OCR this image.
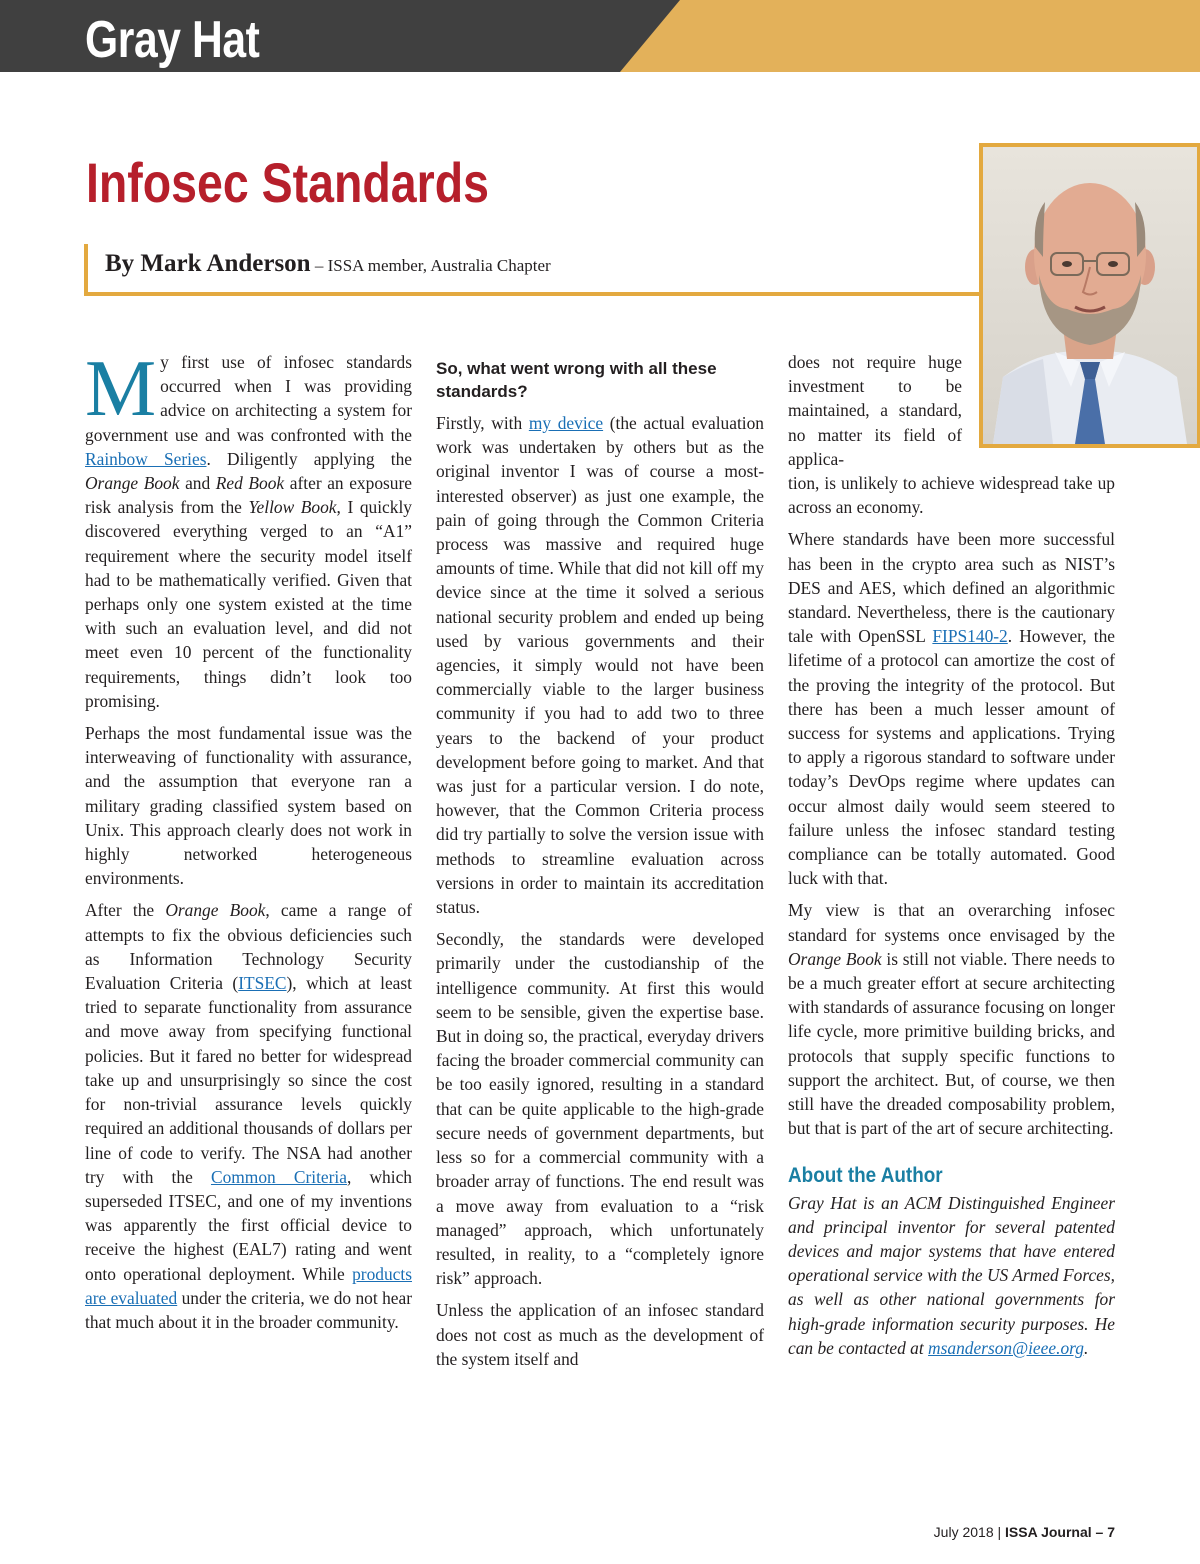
Gray Hat
Infosec Standards
By Mark Anderson – ISSA member, Australia Chapter

My first use of infosec standards occurred when I was providing advice on architecting a system for government use and was confronted with the Rainbow Series. Diligently applying the Orange Book and Red Book after an exposure risk analysis from the Yellow Book, I quickly discovered everything verged to an “A1” requirement where the security model itself had to be mathematically verified. Given that perhaps only one system existed at the time with such an evaluation level, and did not meet even 10 percent of the functionality requirements, things didn’t look too promising.

Perhaps the most fundamental issue was the interweaving of functionality with assurance, and the assumption that everyone ran a military grading classified system based on Unix. This approach clearly does not work in highly networked heterogeneous environments.

After the Orange Book, came a range of attempts to fix the obvious deficiencies such as Information Technology Security Evaluation Criteria (ITSEC), which at least tried to separate functionality from assurance and move away from specifying functional policies. But it fared no better for widespread take up and unsurprisingly so since the cost for non-trivial assurance levels quickly required an additional thousands of dollars per line of code to verify. The NSA had another try with the Common Criteria, which superseded ITSEC, and one of my inventions was apparently the first official device to receive the highest (EAL7) rating and went onto operational deployment. While products are evaluated under the criteria, we do not hear that much about it in the broader community.

So, what went wrong with all these standards?

Firstly, with my device (the actual evaluation work was undertaken by others but as the original inventor I was of course a most-interested observer) as just one example, the pain of going through the Common Criteria process was massive and required huge amounts of time. While that did not kill off my device since at the time it solved a serious national security problem and ended up being used by various governments and their agencies, it simply would not have been commercially viable to the larger business community if you had to add two to three years to the backend of your product development before going to market. And that was just for a particular version. I do note, however, that the Common Criteria process did try partially to solve the version issue with methods to streamline evaluation across versions in order to maintain its accreditation status.

Secondly, the standards were developed primarily under the custodianship of the intelligence community. At first this would seem to be sensible, given the expertise base. But in doing so, the practical, everyday drivers facing the broader commercial community can be too easily ignored, resulting in a standard that can be quite applicable to the high-grade secure needs of government departments, but less so for a commercial community with a broader array of functions. The end result was a move away from evaluation to a “risk managed” approach, which unfortunately resulted, in reality, to a “completely ignore risk” approach.

Unless the application of an infosec standard does not cost as much as the development of the system itself and

does not require huge investment to be maintained, a standard, no matter its field of applica-
tion, is unlikely to achieve widespread take up across an economy.

Where standards have been more successful has been in the crypto area such as NIST’s DES and AES, which defined an algorithmic standard. Nevertheless, there is the cautionary tale with OpenSSL FIPS140-2. However, the lifetime of a protocol can amortize the cost of the proving the integrity of the protocol. But there has been a much lesser amount of success for systems and applications. Trying to apply a rigorous standard to software under today’s DevOps regime where updates can occur almost daily would seem steered to failure unless the infosec standard testing compliance can be totally automated. Good luck with that.

My view is that an overarching infosec standard for systems once envisaged by the Orange Book is still not viable. There needs to be a much greater effort at secure architecting with standards of assurance focusing on longer life cycle, more primitive building bricks, and protocols that supply specific functions to support the architect. But, of course, we then still have the dreaded composability problem, but that is part of the art of secure architecting.

About the Author

Gray Hat is an ACM Distinguished Engineer and principal inventor for several patented devices and major systems that have entered operational service with the US Armed Forces, as well as other national governments for high-grade information security purposes. He can be contacted at msanderson@ieee.org.

July 2018 | ISSA Journal – 7
